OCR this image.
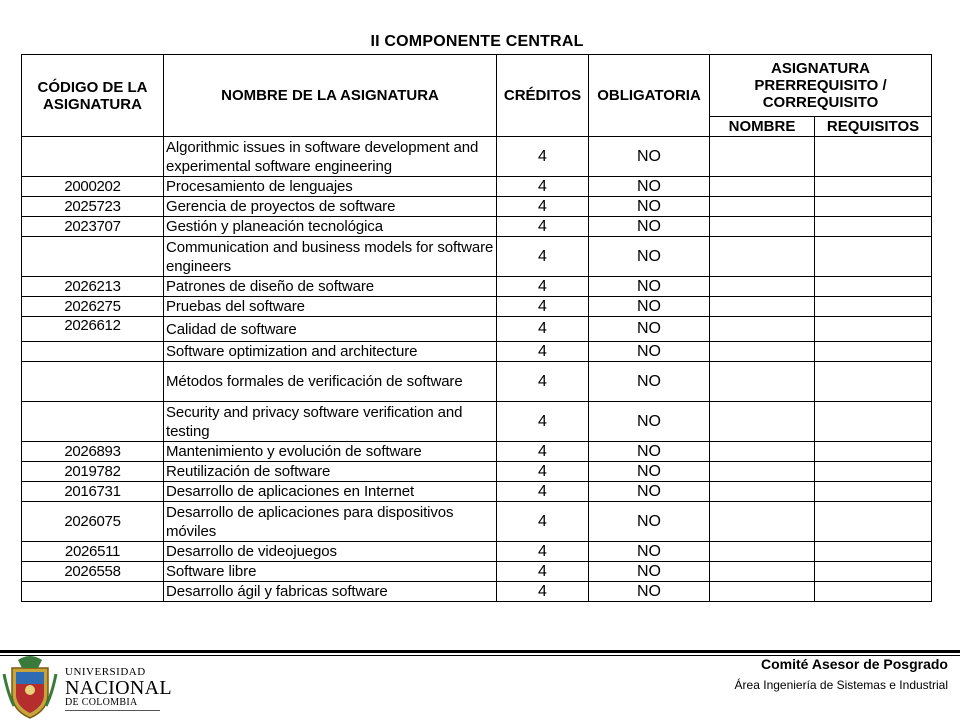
II COMPONENTE CENTRAL
CÓDIGO DE LA ASIGNATURA	NOMBRE DE LA ASIGNATURA	CRÉDITOS	OBLIGATORIA	ASIGNATURA PRERREQUISITO / CORREQUISITO	
				NOMBRE	REQUISITOS
	Algorithmic issues in software development and experimental software engineering	4	NO		
2000202	Procesamiento de lenguajes	4	NO		
2025723	Gerencia de proyectos de software	4	NO		
2023707	Gestión y planeación tecnológica	4	NO		
	Communication and business models for software engineers	4	NO		
2026213	Patrones de diseño de software	4	NO		
2026275	Pruebas del software	4	NO		
2026612	Calidad de software	4	NO		
	Software optimization and architecture	4	NO		
	Métodos formales de verificación de software	4	NO		
	Security and privacy software verification and testing	4	NO		
2026893	Mantenimiento y evolución de software	4	NO		
2019782	Reutilización de software	4	NO		
2016731	Desarrollo de aplicaciones en Internet	4	NO		
2026075	Desarrollo de aplicaciones para dispositivos móviles	4	NO		
2026511	Desarrollo de videojuegos	4	NO		
2026558	Software libre	4	NO		
	Desarrollo ágil y fabricas software	4	NO		
UNIVERSIDAD
NACIONAL
DE COLOMBIA
Comité Asesor de Posgrado
Área Ingeniería de Sistemas e Industrial
